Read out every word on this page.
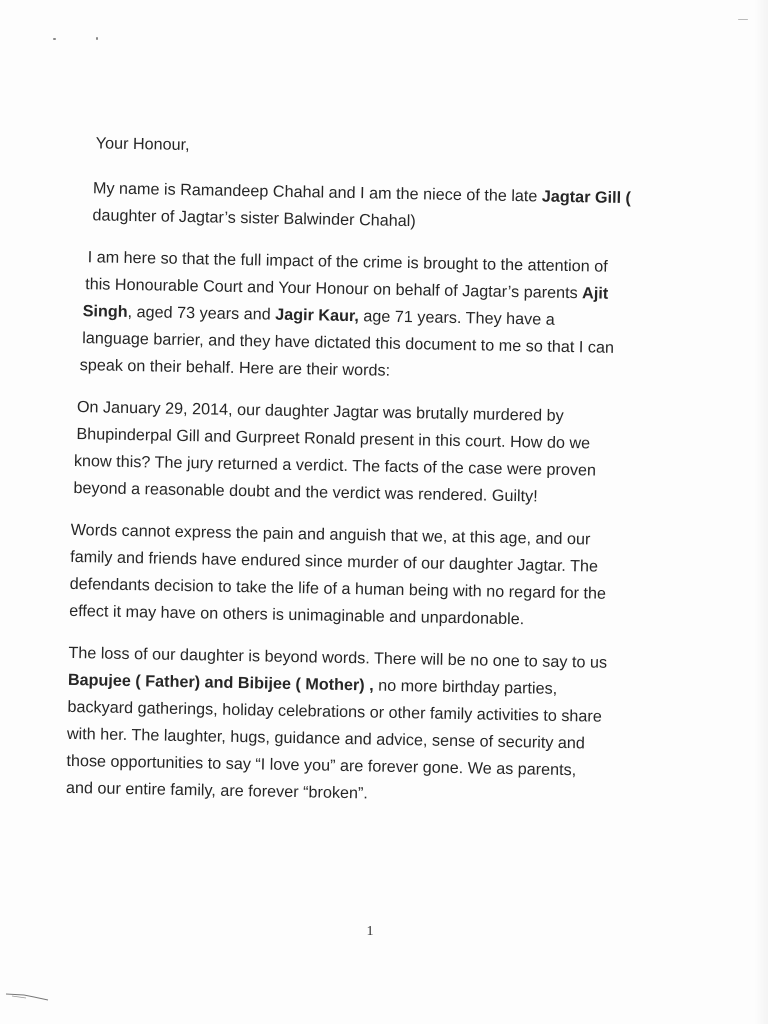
Your Honour,
My name is Ramandeep Chahal and I am the niece of the late Jagtar Gill (
daughter of Jagtar’s sister Balwinder Chahal)
I am here so that the full impact of the crime is brought to the attention of
this Honourable Court and Your Honour on behalf of Jagtar’s parents Ajit
Singh, aged 73 years and Jagir Kaur, age 71 years. They have a
language barrier, and they have dictated this document to me so that I can
speak on their behalf. Here are their words:
On January 29, 2014, our daughter Jagtar was brutally murdered by
Bhupinderpal Gill and Gurpreet Ronald present in this court. How do we
know this? The jury returned a verdict. The facts of the case were proven
beyond a reasonable doubt and the verdict was rendered. Guilty!
Words cannot express the pain and anguish that we, at this age, and our
family and friends have endured since murder of our daughter Jagtar. The
defendants decision to take the life of a human being with no regard for the
effect it may have on others is unimaginable and unpardonable.
The loss of our daughter is beyond words. There will be no one to say to us
Bapujee ( Father) and Bibijee ( Mother) , no more birthday parties,
backyard gatherings, holiday celebrations or other family activities to share
with her. The laughter, hugs, guidance and advice, sense of security and
those opportunities to say “I love you” are forever gone. We as parents,
and our entire family, are forever “broken”.
1
